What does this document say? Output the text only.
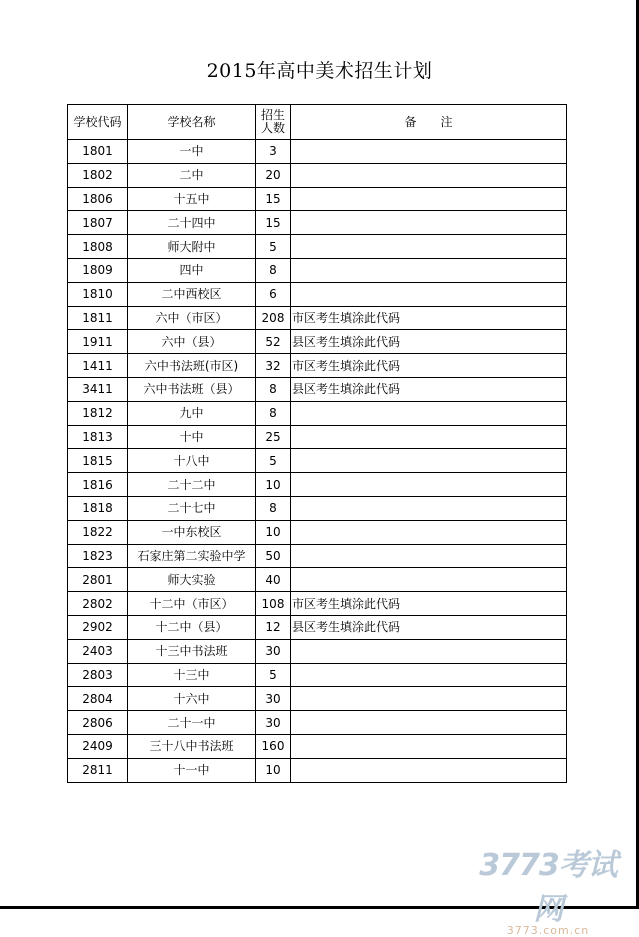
2015年高中美术招生计划
学校代码	学校名称	招生人数	备　　注
1801	一中	3	
1802	二中	20	
1806	十五中	15	
1807	二十四中	15	
1808	师大附中	5	
1809	四中	8	
1810	二中西校区	6	
1811	六中（市区）	208	市区考生填涂此代码
1911	六中（县）	52	县区考生填涂此代码
1411	六中书法班(市区)	32	市区考生填涂此代码
3411	六中书法班（县）	8	县区考生填涂此代码
1812	九中	8	
1813	十中	25	
1815	十八中	5	
1816	二十二中	10	
1818	二十七中	8	
1822	一中东校区	10	
1823	石家庄第二实验中学	50	
2801	师大实验	40	
2802	十二中（市区）	108	市区考生填涂此代码
2902	十二中（县）	12	县区考生填涂此代码
2403	十三中书法班	30	
2803	十三中	5	
2804	十六中	30	
2806	二十一中	30	
2409	三十八中书法班	160	
2811	十一中	10	
3773考试网
3773.com.cn
